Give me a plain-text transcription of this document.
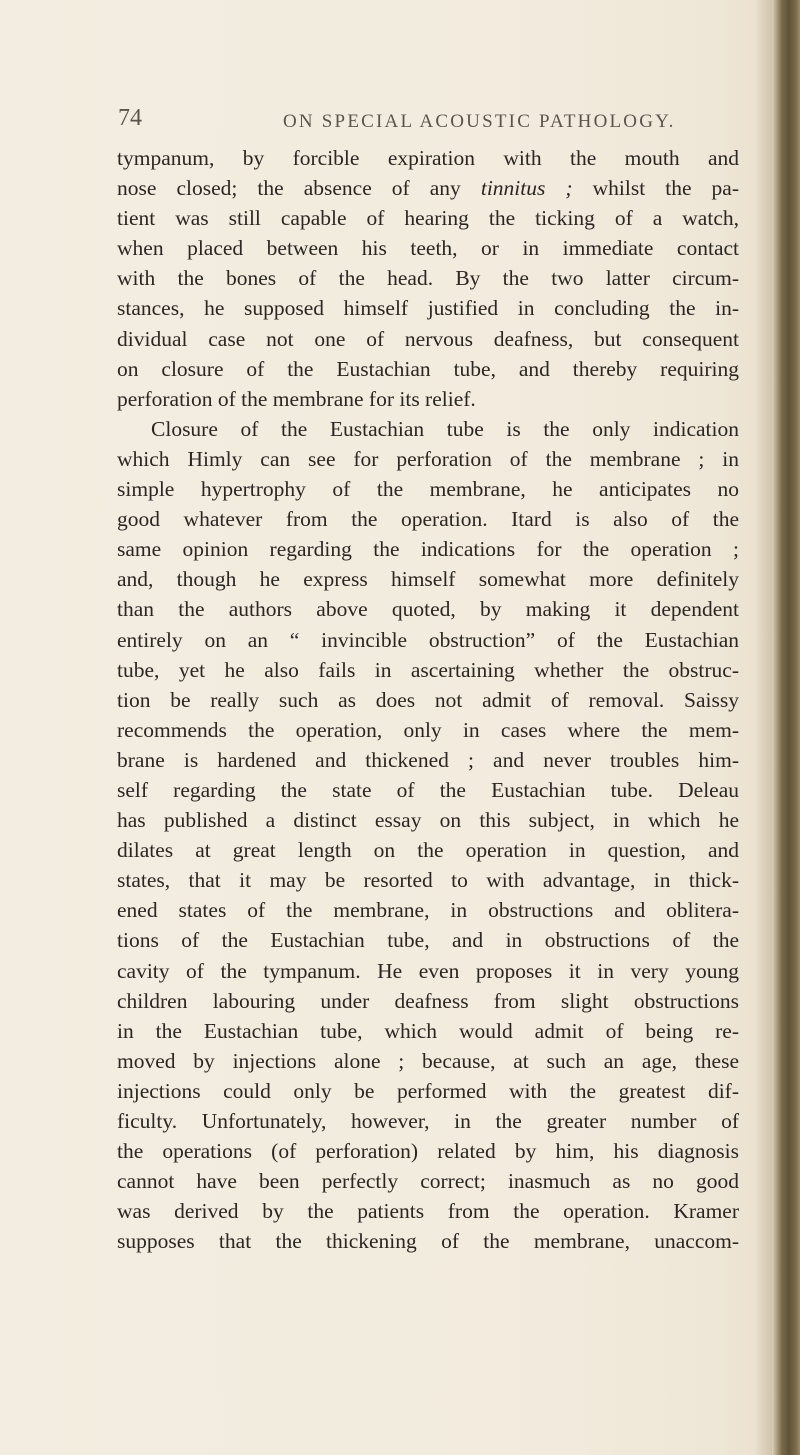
74	ON SPECIAL ACOUSTIC PATHOLOGY.
tympanum, by forcible expiration with the mouth and
nose closed; the absence of any tinnitus ; whilst the pa-
tient was still capable of hearing the ticking of a watch,
when placed between his teeth, or in immediate contact
with the bones of the head. By the two latter circum-
stances, he supposed himself justified in concluding the in-
dividual case not one of nervous deafness, but consequent
on closure of the Eustachian tube, and thereby requiring
perforation of the membrane for its relief.
Closure of the Eustachian tube is the only indication
which Himly can see for perforation of the membrane ; in
simple hypertrophy of the membrane, he anticipates no
good whatever from the operation. Itard is also of the
same opinion regarding the indications for the operation ;
and, though he express himself somewhat more definitely
than the authors above quoted, by making it dependent
entirely on an “ invincible obstruction” of the Eustachian
tube, yet he also fails in ascertaining whether the obstruc-
tion be really such as does not admit of removal. Saissy
recommends the operation, only in cases where the mem-
brane is hardened and thickened ; and never troubles him-
self regarding the state of the Eustachian tube. Deleau
has published a distinct essay on this subject, in which he
dilates at great length on the operation in question, and
states, that it may be resorted to with advantage, in thick-
ened states of the membrane, in obstructions and oblitera-
tions of the Eustachian tube, and in obstructions of the
cavity of the tympanum. He even proposes it in very young
children labouring under deafness from slight obstructions
in the Eustachian tube, which would admit of being re-
moved by injections alone ; because, at such an age, these
injections could only be performed with the greatest dif-
ficulty. Unfortunately, however, in the greater number of
the operations (of perforation) related by him, his diagnosis
cannot have been perfectly correct; inasmuch as no good
was derived by the patients from the operation. Kramer
supposes that the thickening of the membrane, unaccom-
